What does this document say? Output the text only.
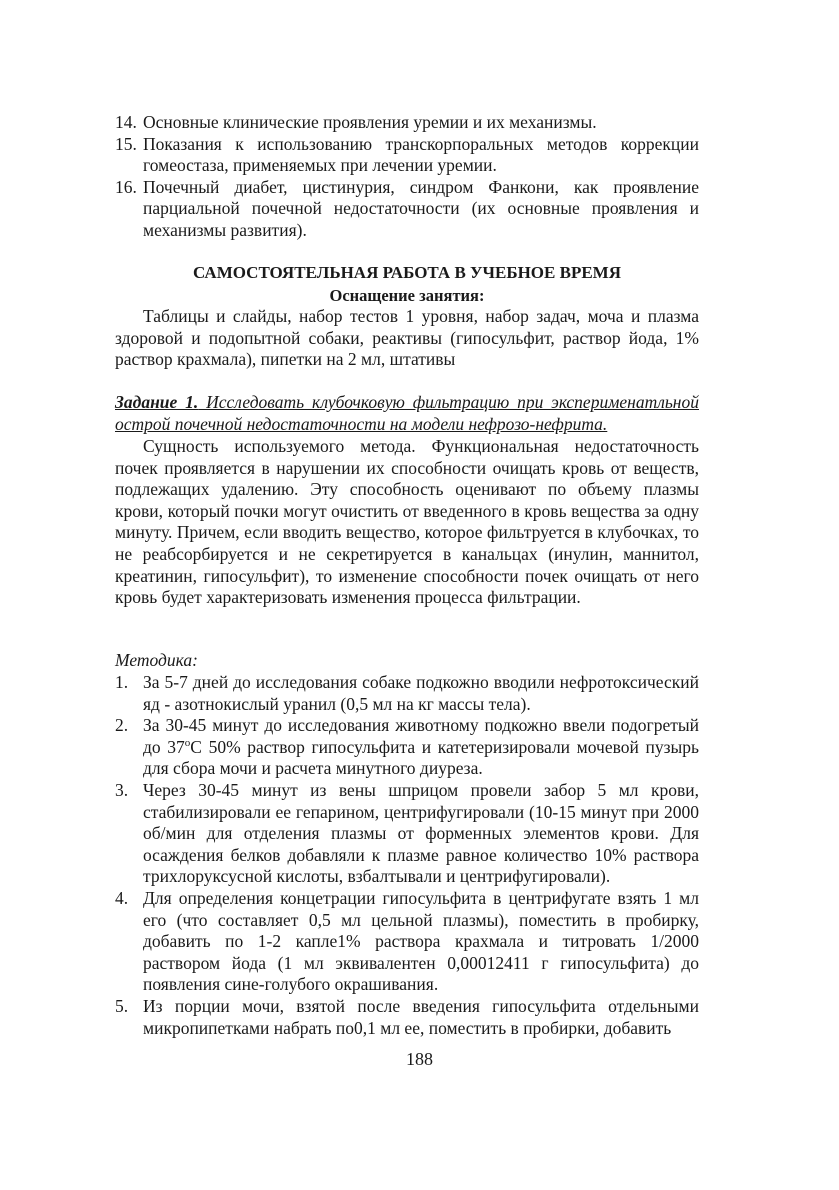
14. Основные клинические проявления уремии и их механизмы.
15. Показания к использованию транскорпоральных методов коррекции гомеостаза, применяемых при лечении уремии.
16. Почечный диабет, цистинурия, синдром Фанкони, как проявление парциальной почечной недостаточности (их основные проявления и механизмы развития).
САМОСТОЯТЕЛЬНАЯ РАБОТА В УЧЕБНОЕ ВРЕМЯ
Оснащение занятия:

Таблицы и слайды, набор тестов 1 уровня, набор задач, моча и плазма здоровой и подопытной собаки, реактивы (гипосульфит, раствор йода, 1% раствор крахмала), пипетки на 2 мл, штативы

Задание 1. Исследовать клубочковую фильтрацию при эксперименатльной острой почечной недостаточности на модели нефрозо-нефрита.

Сущность используемого метода. Функциональная недостаточность почек проявляется в нарушении их способности очищать кровь от веществ, подлежащих удалению. Эту способность оценивают по объему плазмы крови, который почки могут очистить от введенного в кровь вещества за одну минуту. Причем, если вводить вещество, которое фильтруется в клубочках, то не реабсорбируется и не секретируется в канальцах (инулин, маннитол, креатинин, гипосульфит), то изменение способности почек очищать от него кровь будет характеризовать изменения процесса фильтрации.

Методика:

1. За 5-7 дней до исследования собаке подкожно вводили нефротоксический яд - азотнокислый уранил (0,5 мл на кг массы тела).
2. За 30-45 минут до исследования животному подкожно ввели подогретый до $37^оС$ 50% раствор гипосульфита и катетеризировали мочевой пузырь для сбора мочи и расчета минутного диуреза.
3. Через 30-45 минут из вены шприцом провели забор 5 мл крови, стабилизировали ее гепарином, центрифугировали (10-15 минут при 2000 об/мин для отделения плазмы от форменных элементов крови. Для осаждения белков добавляли к плазме равное количество 10% раствора трихлоруксусной кислоты, взбалтывали и центрифугировали).
4. Для определения концетрации гипосульфита в центрифугате взять 1 мл его (что составляет 0,5 мл цельной плазмы), поместить в пробирку, добавить по 1-2 капле1% раствора крахмала и титровать 1/2000 раствором йода (1 мл эквивалентен 0,00012411 г гипосульфита) до появления сине-голубого окрашивания.
5. Из порции мочи, взятой после введения гипосульфита отдельными микропипетками набрать по0,1 мл ее, поместить в пробирки, добавить
188
